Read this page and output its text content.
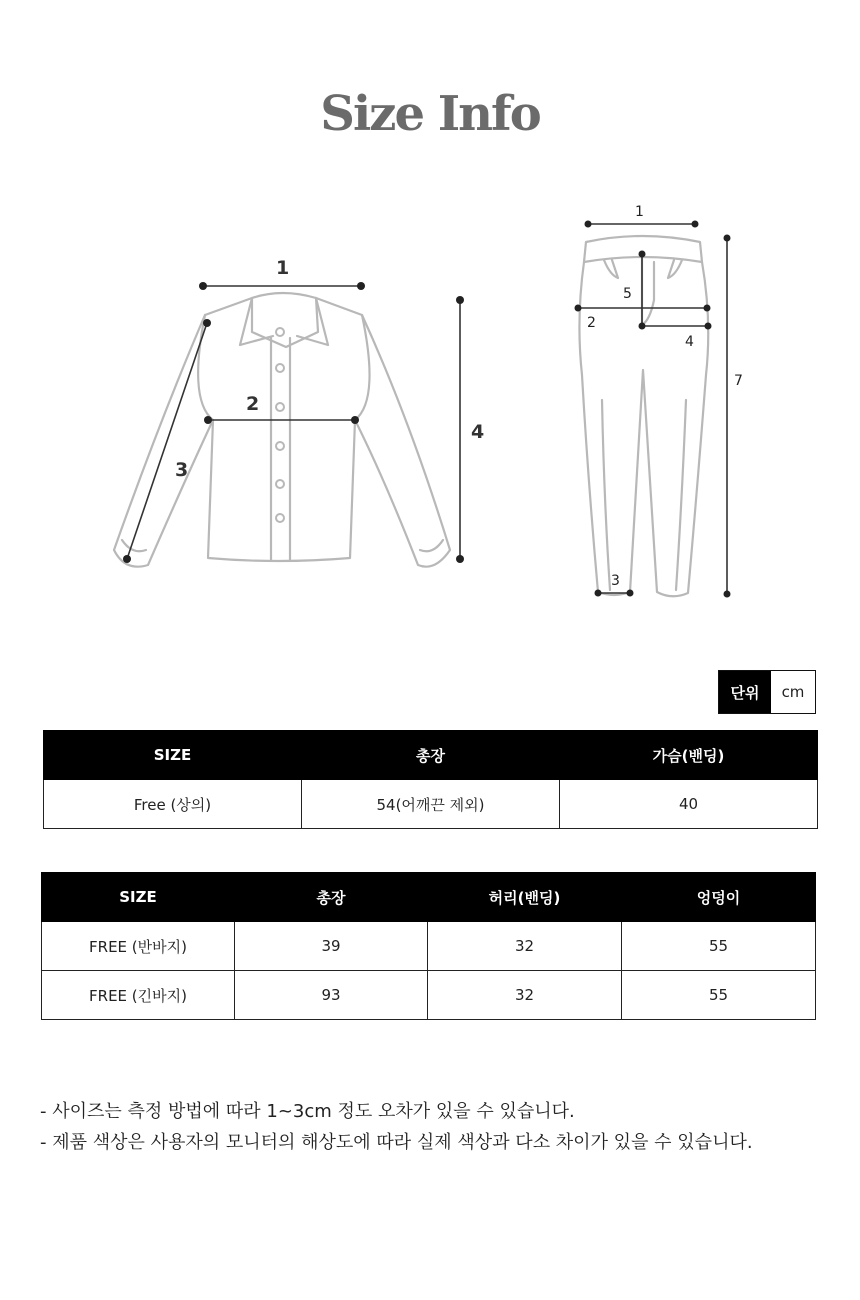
Size Info
1
2
3
4
1
2
3
4
5
7
단위	cm
SIZE	총장	가슴(밴딩)
Free (상의)	54(어깨끈 제외)	40
SIZE	총장	허리(밴딩)	엉덩이
FREE (반바지)	39	32	55
FREE (긴바지)	93	32	55
- 사이즈는 측정 방법에 따라 1~3cm 정도 오차가 있을 수 있습니다.
- 제품 색상은 사용자의 모니터의 해상도에 따라 실제 색상과 다소 차이가 있을 수 있습니다.
